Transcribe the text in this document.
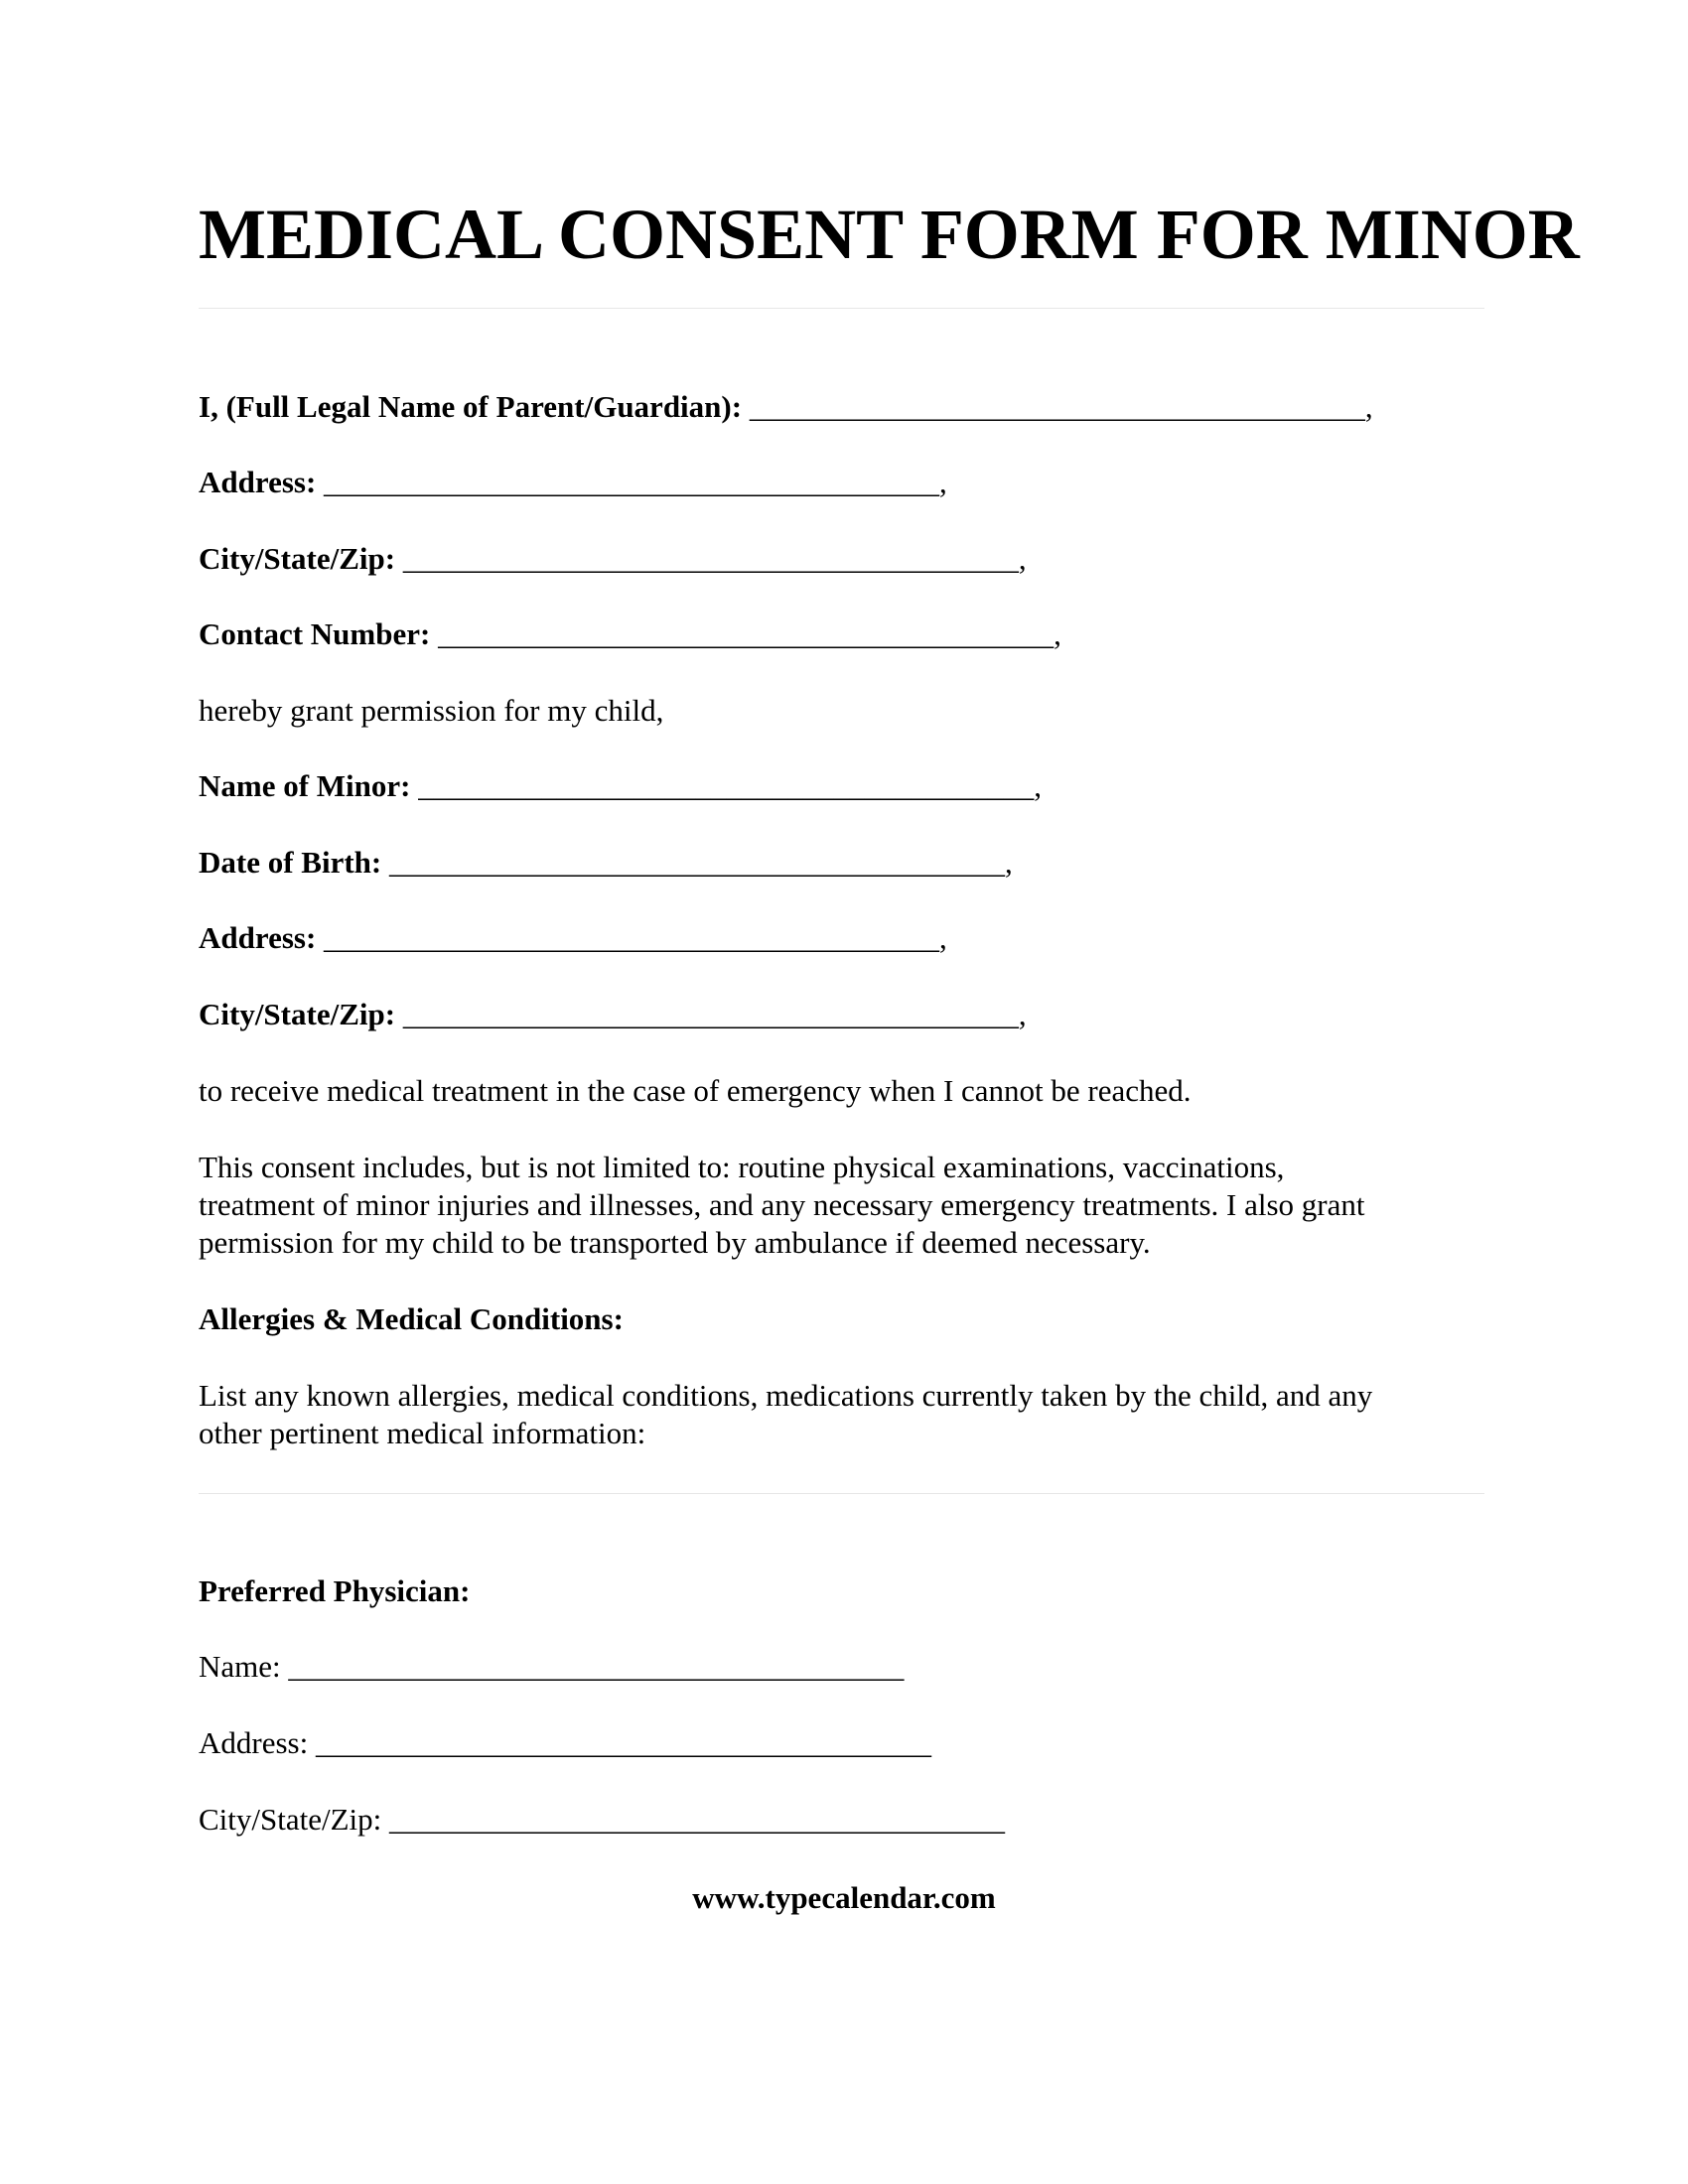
MEDICAL CONSENT FORM FOR MINOR
I, (Full Legal Name of Parent/Guardian): ________________________________________,
Address: ________________________________________,
City/State/Zip: ________________________________________,
Contact Number: ________________________________________,
hereby grant permission for my child,
Name of Minor: ________________________________________,
Date of Birth: ________________________________________,
Address: ________________________________________,
City/State/Zip: ________________________________________,
to receive medical treatment in the case of emergency when I cannot be reached.
This consent includes, but is not limited to: routine physical examinations, vaccinations,
treatment of minor injuries and illnesses, and any necessary emergency treatments. I also grant
permission for my child to be transported by ambulance if deemed necessary.
Allergies & Medical Conditions:
List any known allergies, medical conditions, medications currently taken by the child, and any
other pertinent medical information:
Preferred Physician:
Name: ________________________________________
Address: ________________________________________
City/State/Zip: ________________________________________
www.typecalendar.com
